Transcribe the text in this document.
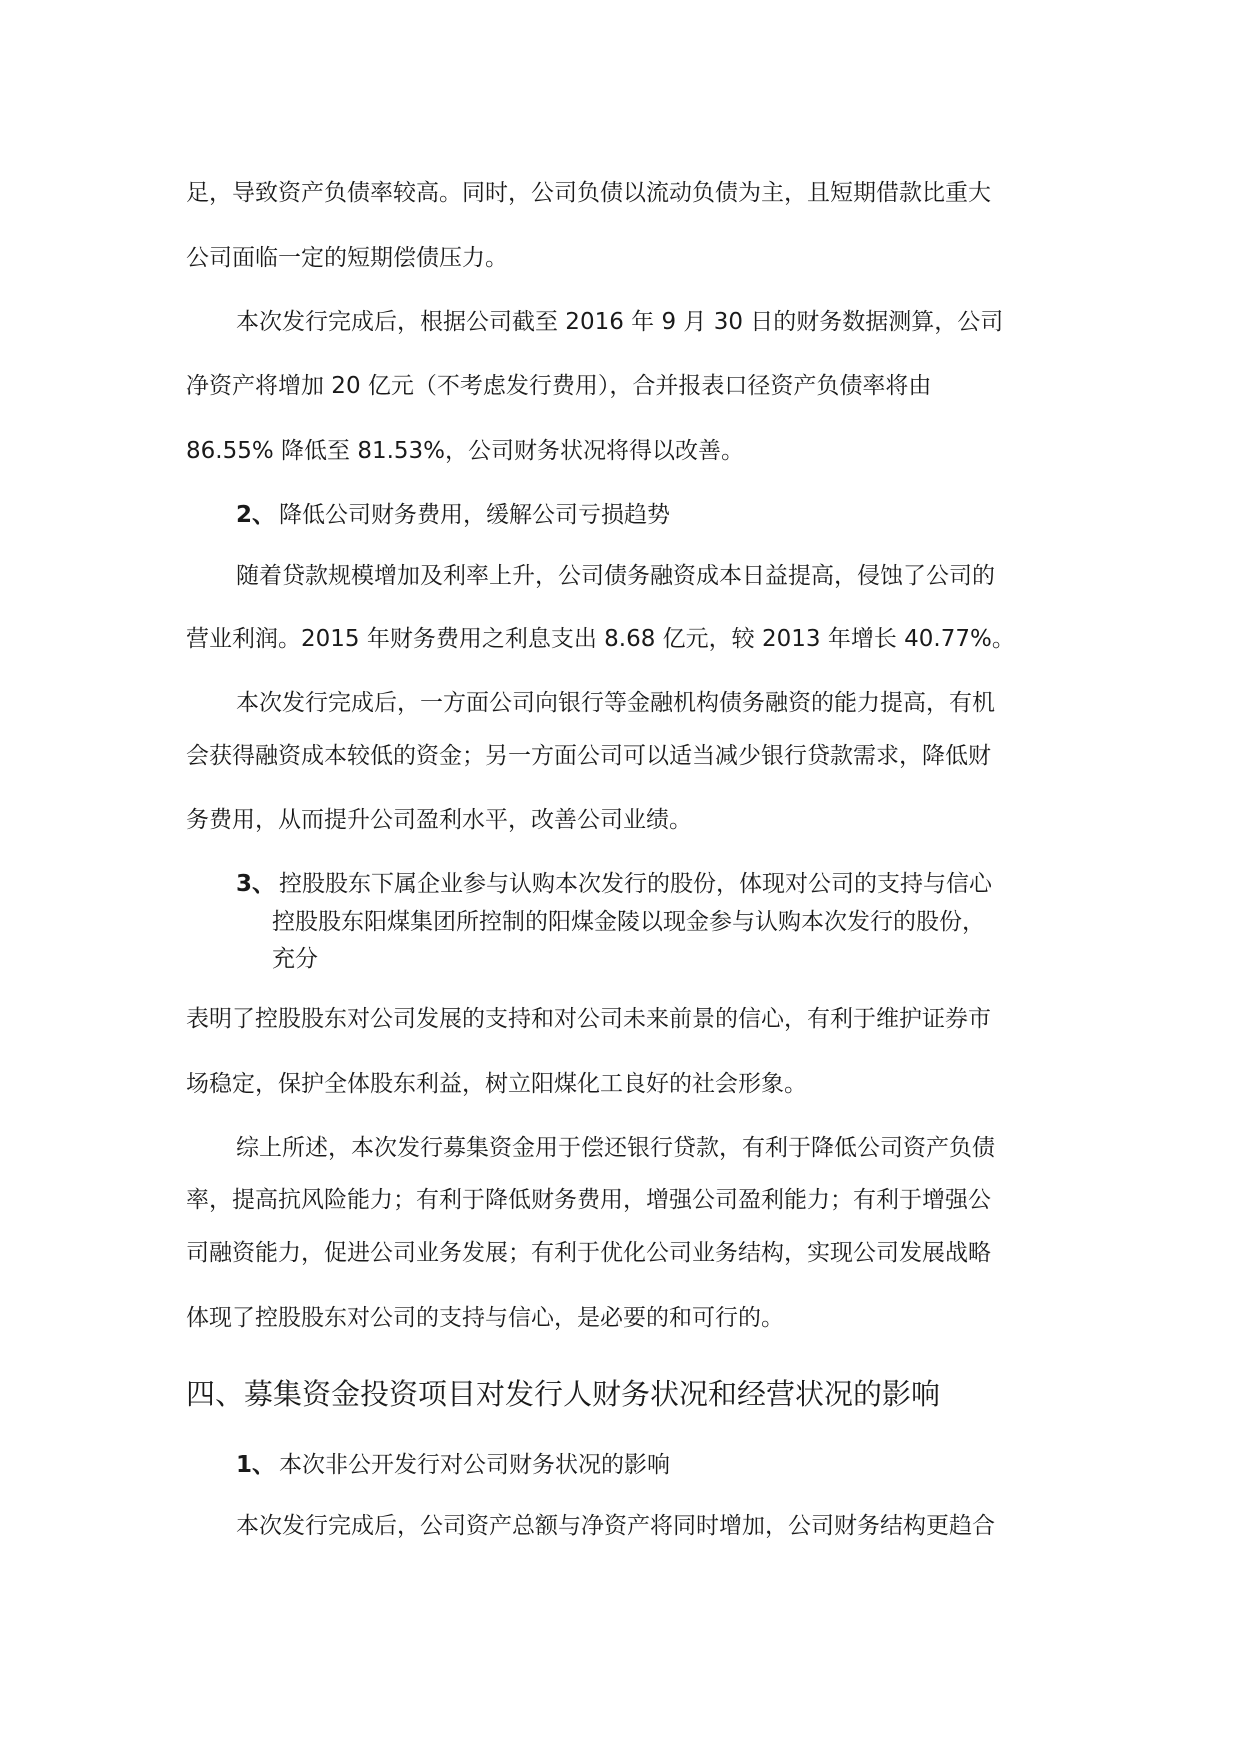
足，导致资产负债率较高。同时，公司负债以流动负债为主，且短期借款比重大

公司面临一定的短期偿债压力。

本次发行完成后，根据公司截至 2016 年 9 月 30 日的财务数据测算，公司

净资产将增加 20 亿元（不考虑发行费用），合并报表口径资产负债率将由

86.55% 降低至 81.53%，公司财务状况将得以改善。

2、 降低公司财务费用，缓解公司亏损趋势

随着贷款规模增加及利率上升，公司债务融资成本日益提高，侵蚀了公司的

营业利润。2015 年财务费用之利息支出 8.68 亿元，较 2013 年增长 40.77%。

本次发行完成后，一方面公司向银行等金融机构债务融资的能力提高，有机

会获得融资成本较低的资金；另一方面公司可以适当减少银行贷款需求，降低财

务费用，从而提升公司盈利水平，改善公司业绩。

3、 控股股东下属企业参与认购本次发行的股份，体现对公司的支持与信心

控股股东阳煤集团所控制的阳煤金陵以现金参与认购本次发行的股份，

充分

表明了控股股东对公司发展的支持和对公司未来前景的信心，有利于维护证券市

场稳定，保护全体股东利益，树立阳煤化工良好的社会形象。

综上所述，本次发行募集资金用于偿还银行贷款，有利于降低公司资产负债

率，提高抗风险能力；有利于降低财务费用，增强公司盈利能力；有利于增强公

司融资能力，促进公司业务发展；有利于优化公司业务结构，实现公司发展战略

体现了控股股东对公司的支持与信心，是必要的和可行的。

四、募集资金投资项目对发行人财务状况和经营状况的影响
1、 本次非公开发行对公司财务状况的影响

本次发行完成后，公司资产总额与净资产将同时增加，公司财务结构更趋合
